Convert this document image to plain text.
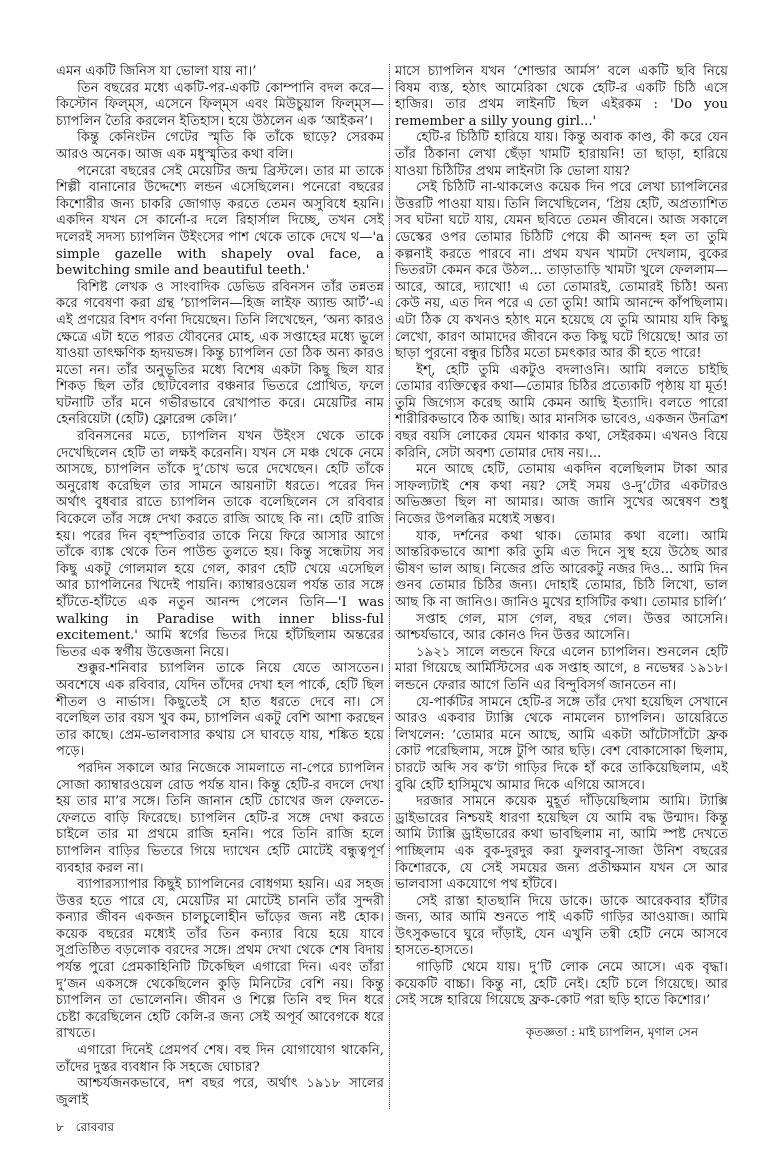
এমন একটি জিনিস যা ভোলা যায় না।’

তিন বছরের মধ্যে একটি-পর-একটি কোম্পানি বদল করে—কিস্টোন ফিল্‌ম্‌স, এসেনে ফিল্‌ম্‌স এবং মিউচুয়াল ফিল্‌ম্‌স—চ্যাপলিন তৈরি করলেন ইতিহাস। হয়ে উঠলেন এক ‘আইকন’।

কিন্তু কেনিংটন গেটের স্মৃতি কি তাঁকে ছাড়ে? সেরকম আরও অনেক। আজ এক মধুস্মৃতির কথা বলি।

পনেরো বছরের সেই মেয়েটির জন্ম ব্রিস্টলে। তার মা তাকে শিল্পী বানানোর উদ্দেশ্যে লন্ডন এসেছিলেন। পনেরো বছরের কিশোরীর জন্য চাকরি জোগাড় করতে তেমন অসুবিধে হয়নি। একদিন যখন সে কার্নো-র দলে রিহার্সাল দিচ্ছে, তখন সেই দলেরই সদস্য চ্যাপলিন উইংসের পাশ থেকে তাকে দেখে থ—'a simple gazelle with shapely oval face, a bewitching smile and beautiful teeth.'

বিশিষ্ট লেখক ও সাংবাদিক ডেভিড রবিনসন তাঁর তন্নতন্ন করে গবেষণা করা গ্রন্থ ‘চ্যাপলিন—হিজ লাইফ অ্যান্ড আর্ট’-এ এই প্রণয়ের বিশদ বর্ণনা দিয়েছেন। তিনি লিখেছেন, ‘অন্য কারও ক্ষেত্রে এটা হতে পারত যৌবনের মোহ, এক সপ্তাহের মধ্যে ভুলে যাওয়া তাৎক্ষণিক হৃদয়ভঙ্গ। কিন্তু চ্যাপলিন তো ঠিক অন্য কারও মতো নন। তাঁর অনুভূতির মধ্যে বিশেষ একটা কিছু ছিল যার শিকড় ছিল তাঁর ছোটবেলার বঞ্চনার ভিতরে প্রোথিত, ফলে ঘটনাটি তাঁর মনে গভীরভাবে রেখাপাত করে। মেয়েটির নাম হেনরিয়েটা (হেটি) ফ্লোরেন্স কেলি।’

রবিনসনের মতে, চ্যাপলিন যখন উইংস থেকে তাকে দেখেছিলেন হেটি তা লক্ষই করেননি। যখন সে মঞ্চ থেকে নেমে আসছে, চ্যাপলিন তাঁকে দু’চোখ ভরে দেখেছেন। হেটি তাঁকে অনুরোধ করেছিল তার সামনে আয়নাটা ধরতে। পরের দিন অর্থাৎ বুধবার রাতে চ্যাপলিন তাকে বলেছিলেন সে রবিবার বিকেলে তাঁর সঙ্গে দেখা করতে রাজি আছে কি না। হেটি রাজি হয়। পরের দিন বৃহস্পতিবার তাকে নিয়ে ফিরে আসার আগে তাঁকে ব্যাঙ্ক থেকে তিন পাউন্ড তুলতে হয়। কিন্তু সন্ধেটায় সব কিছু একটু গোলমাল হয়ে গেল, কারণ হেটি খেয়ে এসেছিল আর চ্যাপলিনের খিদেই পায়নি। ক্যাম্বারওয়েল পর্যন্ত তার সঙ্গে হাঁটতে-হাঁটতে এক নতুন আনন্দ পেলেন তিনি—'I was walking in Paradise with inner bliss-ful excitement.' আমি স্বর্গের ভিতর দিয়ে হাঁটছিলাম অন্তরের ভিতর এক স্বর্গীয় উত্তেজনা নিয়ে।

শুক্কুর-শনিবার চ্যাপলিন তাকে নিয়ে যেতে আসতেন। অবশেষে এক রবিবার, যেদিন তাঁদের দেখা হল পার্কে, হেটি ছিল শীতল ও নার্ভাস। কিছুতেই সে হাত ধরতে দেবে না। সে বলেছিল তার বয়স খুব কম, চ্যাপলিন একটু বেশি আশা করছেন তার কাছে। প্রেম-ভালবাসার কথায় সে ঘাবড়ে যায়, শঙ্কিত হয়ে পড়ে।

পরদিন সকালে আর নিজেকে সামলাতে না-পেরে চ্যাপলিন সোজা ক্যাম্বারওয়েল রোড পর্যন্ত যান। কিন্তু হেটি-র বদলে দেখা হয় তার মা’র সঙ্গে। তিনি জানান হেটি চোখের জল ফেলতে-ফেলতে বাড়ি ফিরেছে। চ্যাপলিন হেটি-র সঙ্গে দেখা করতে চাইলে তার মা প্রথমে রাজি হননি। পরে তিনি রাজি হলে চ্যাপলিন বাড়ির ভিতরে গিয়ে দ্যাখেন হেটি মোটেই বন্ধুত্বপূর্ণ ব্যবহার করল না।

ব্যাপারস্যাপার কিছুই চ্যাপলিনের বোধগম্য হয়নি। এর সহজ উত্তর হতে পারে যে, মেয়েটির মা মোটেই চাননি তাঁর সুন্দরী কন্যার জীবন একজন চালচুলোহীন ভাঁড়ের জন্য নষ্ট হোক। কয়েক বছরের মধ্যেই তাঁর তিন কন্যার বিয়ে হয়ে যাবে সুপ্রতিষ্ঠিত বড়লোক বরদের সঙ্গে। প্রথম দেখা থেকে শেষ বিদায় পর্যন্ত পুরো প্রেমকাহিনিটি টিকেছিল এগারো দিন। এবং তাঁরা দু’জন একসঙ্গে থেকেছিলেন কুড়ি মিনিটের বেশি নয়। কিন্তু চ্যাপলিন তা ভোলেননি। জীবন ও শিল্পে তিনি বহু দিন ধরে চেষ্টা করেছিলেন হেটি কেলি-র জন্য সেই অপূর্ব আবেগকে ধরে রাখতে।

এগারো দিনেই প্রেমপর্ব শেষ। বহু দিন যোগাযোগ থাকেনি, তাঁদের দুস্তর ব্যবধান কি সহজে ঘোচার?

আশ্চর্যজনকভাবে, দশ বছর পরে, অর্থাৎ ১৯১৮ সালের জুলাই

মাসে চ্যাপলিন যখন ‘শোল্ডার আর্মস’ বলে একটি ছবি নিয়ে বিষম ব্যস্ত, হঠাৎ আমেরিকা থেকে হেটি-র একটি চিঠি এসে হাজির। তার প্রথম লাইনটি ছিল এইরকম : 'Do you remember a silly young girl...'

হেটি-র চিঠিটি হারিয়ে যায়। কিন্তু অবাক কাণ্ড, কী করে যেন তাঁর ঠিকানা লেখা ছেঁড়া খামটি হারায়নি! তা ছাড়া, হারিয়ে যাওয়া চিঠিটির প্রথম লাইনটা কি ভোলা যায়?

সেই চিঠিটি না-থাকলেও কয়েক দিন পরে লেখা চ্যাপলিনের উত্তরটি পাওয়া যায়। তিনি লিখেছিলেন, ‘প্রিয় হেটি, অপ্রত্যাশিত সব ঘটনা ঘটে যায়, যেমন ছবিতে তেমন জীবনে। আজ সকালে ডেস্কের ওপর তোমার চিঠিটি পেয়ে কী আনন্দ হল তা তুমি কল্পনাই করতে পারবে না। প্রথম যখন খামটা দেখলাম, বুকের ভিতরটা কেমন করে উঠল... তাড়াতাড়ি খামটা খুলে ফেললাম—আরে, আরে, দ্যাখো! এ তো তোমারই, তোমারই চিঠি! অন্য কেউ নয়, এত দিন পরে এ তো তুমি! আমি আনন্দে কাঁপছিলাম। এটা ঠিক যে কখনও হঠাৎ মনে হয়েছে যে তুমি আমায় যদি কিছু লেখো, কারণ আমাদের জীবনে কত কিছু ঘটে গিয়েছে! আর তা ছাড়া পুরনো বন্ধুর চিঠির মতো চমৎকার আর কী হতে পারে!

ইশ্‌, হেটি তুমি একটুও বদলাওনি। আমি বলতে চাইছি তোমার ব্যক্তিত্বের কথা—তোমার চিঠির প্রত্যেকটি পৃষ্ঠায় যা মূর্ত! তুমি জিগ্যেস করেছ আমি কেমন আছি ইত্যাদি। বলতে পারো শারীরিকভাবে ঠিক আছি। আর মানসিক ভাবেও, একজন উনত্রিশ বছর বয়সি লোকের যেমন থাকার কথা, সেইরকম। এখনও বিয়ে করিনি, সেটা অবশ্য তোমার দোষ নয়।...

মনে আছে হেটি, তোমায় একদিন বলেছিলাম টাকা আর সাফল্যটাই শেষ কথা নয়? সেই সময় ও-দু’টোর একটারও অভিজ্ঞতা ছিল না আমার। আজ জানি সুখের অন্বেষণ শুধু নিজের উপলব্ধির মধ্যেই সম্ভব।

যাক, দর্শনের কথা থাক। তোমার কথা বলো। আমি আন্তরিকভাবে আশা করি তুমি এত দিনে সুস্থ হয়ে উঠেছ আর ভীষণ ভাল আছ। নিজের প্রতি আরেকটু নজর দিও... আমি দিন গুনব তোমার চিঠির জন্য। দোহাই তোমার, চিঠি লিখো, ভাল আছ কি না জানিও। জানিও মুখের হাসিটির কথা। তোমার চার্লি।’

সপ্তাহ গেল, মাস গেল, বছর গেল। উত্তর আসেনি। আশ্চর্যভাবে, আর কোনও দিন উত্তর আসেনি।

১৯২১ সালে লন্ডনে ফিরে এলেন চ্যাপলিন। শুনলেন হেটি মারা গিয়েছে আর্মিস্টিসের এক সপ্তাহ আগে, ৪ নভেম্বর ১৯১৮। লন্ডনে ফেরার আগে তিনি এর বিন্দুবিসর্গ জানতেন না।

যে-পার্কটির সামনে হেটি-র সঙ্গে তাঁর দেখা হয়েছিল সেখানে আরও একবার ট্যাক্সি থেকে নামলেন চ্যাপলিন। ডায়েরিতে লিখলেন: ‘তোমার মনে আছে, আমি একটা আঁটোসাঁটো ফ্রক কোট পরেছিলাম, সঙ্গে টুপি আর ছড়ি। বেশ বোকাসোকা ছিলাম, চারটে অব্দি সব ক’টা গাড়ির দিকে হাঁ করে তাকিয়েছিলাম, এই বুঝি হেটি হাসিমুখে আমার দিকে এগিয়ে আসবে।

দরজার সামনে কয়েক মুহূর্ত দাঁড়িয়েছিলাম আমি। ট্যাক্সি ড্রাইভারের নিশ্চয়ই ধারণা হয়েছিল যে আমি বদ্ধ উন্মাদ। কিন্তু আমি ট্যাক্সি ড্রাইভারের কথা ভাবছিলাম না, আমি স্পষ্ট দেখতে পাচ্ছিলাম এক বুক-দুরদুর করা ফুলবাবু-সাজা উনিশ বছরের কিশোরকে, যে সেই সময়ের জন্য প্রতীক্ষমান যখন সে আর ভালবাসা একযোগে পথ হাঁটবে।

সেই রাস্তা হাতছানি দিয়ে ডাকে। ডাকে আরেকবার হাঁটার জন্য, আর আমি শুনতে পাই একটি গাড়ির আওয়াজ। আমি উৎসুকভাবে ঘুরে দাঁড়াই, যেন এখুনি তন্বী হেটি নেমে আসবে হাসতে-হাসতে।

গাড়িটি থেমে যায়। দু’টি লোক নেমে আসে। এক বৃদ্ধা। কয়েকটি বাচ্চা। কিন্তু না, হেটি নেই। হেটি চলে গিয়েছে। আর সেই সঙ্গে হারিয়ে গিয়েছে ফ্রক-কোট পরা ছড়ি হাতে কিশোর।’

কৃতজ্ঞতা : মাই চ্যাপলিন, মৃণাল সেন
৮ রোববার
